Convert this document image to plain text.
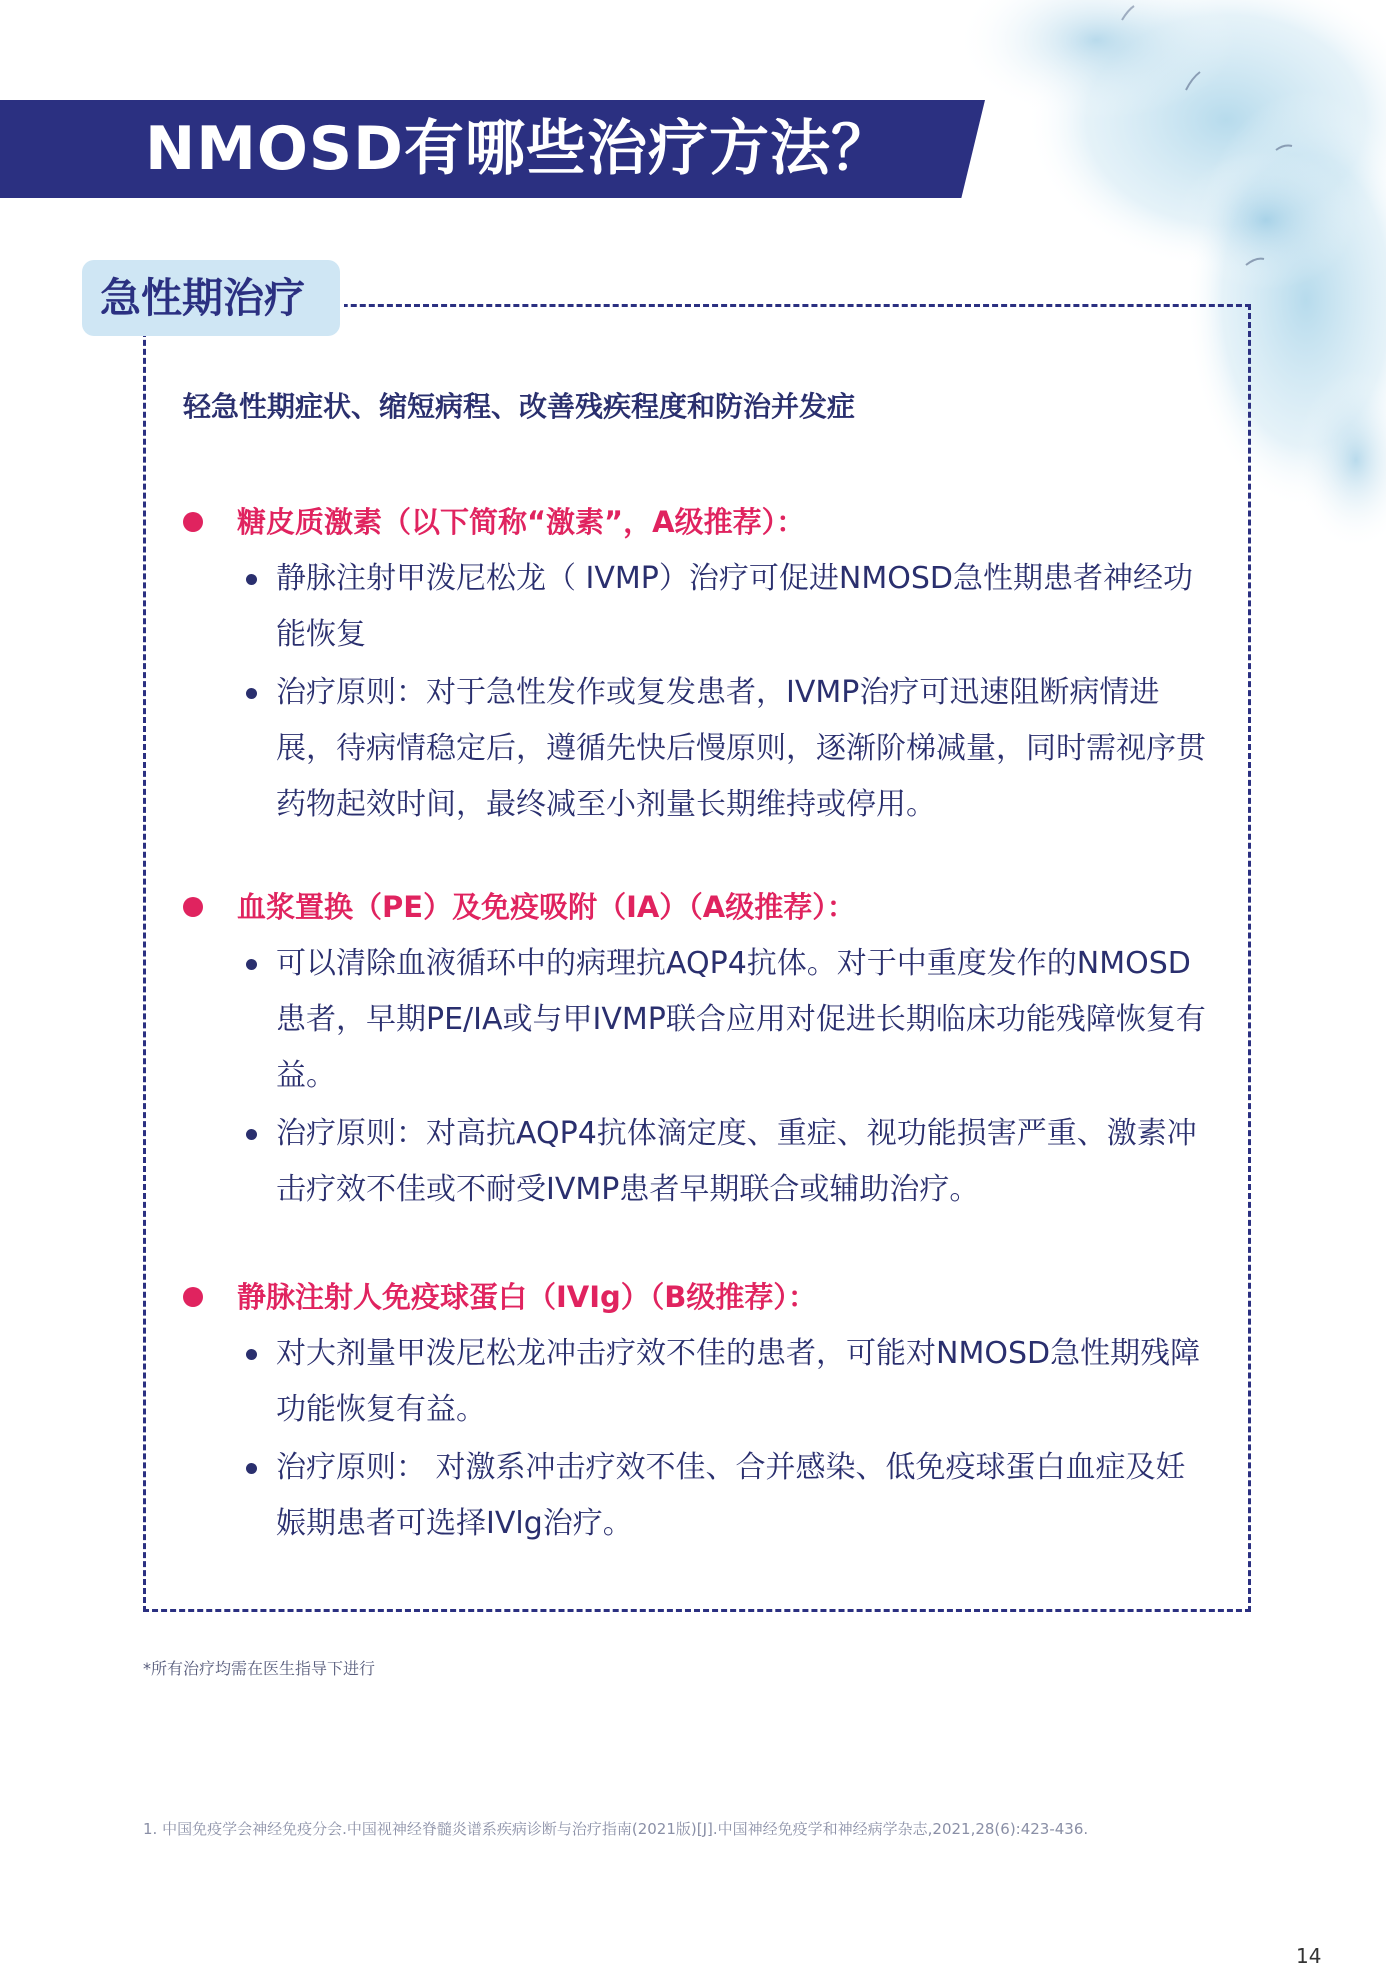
NMOSD有哪些治疗方法？
急性期治疗
轻急性期症状、缩短病程、改善残疾程度和防治并发症
糖皮质激素（以下简称“激素”，A级推荐）：
静脉注射甲泼尼松龙（ IVMP）治疗可促进NMOSD急性期患者神经功能恢复
治疗原则：对于急性发作或复发患者，IVMP治疗可迅速阻断病情进展，待病情稳定后，遵循先快后慢原则，逐渐阶梯减量，同时需视序贯药物起效时间，最终减至小剂量长期维持或停用。
血浆置换（PE）及免疫吸附（IA）（A级推荐）：
可以清除血液循环中的病理抗AQP4抗体。对于中重度发作的NMOSD患者，早期PE/IA或与甲IVMP联合应用对促进长期临床功能残障恢复有益。
治疗原则：对高抗AQP4抗体滴定度、重症、视功能损害严重、激素冲击疗效不佳或不耐受IVMP患者早期联合或辅助治疗。
静脉注射人免疫球蛋白（IVIg）（B级推荐）：
对大剂量甲泼尼松龙冲击疗效不佳的患者，可能对NMOSD急性期残障功能恢复有益。
治疗原则： 对激系冲击疗效不佳、合并感染、低免疫球蛋白血症及妊娠期患者可选择IVlg治疗。
*所有治疗均需在医生指导下进行
1. 中国免疫学会神经免疫分会.中国视神经脊髓炎谱系疾病诊断与治疗指南(2021版)[J].中国神经免疫学和神经病学杂志,2021,28(6):423-436.
14
